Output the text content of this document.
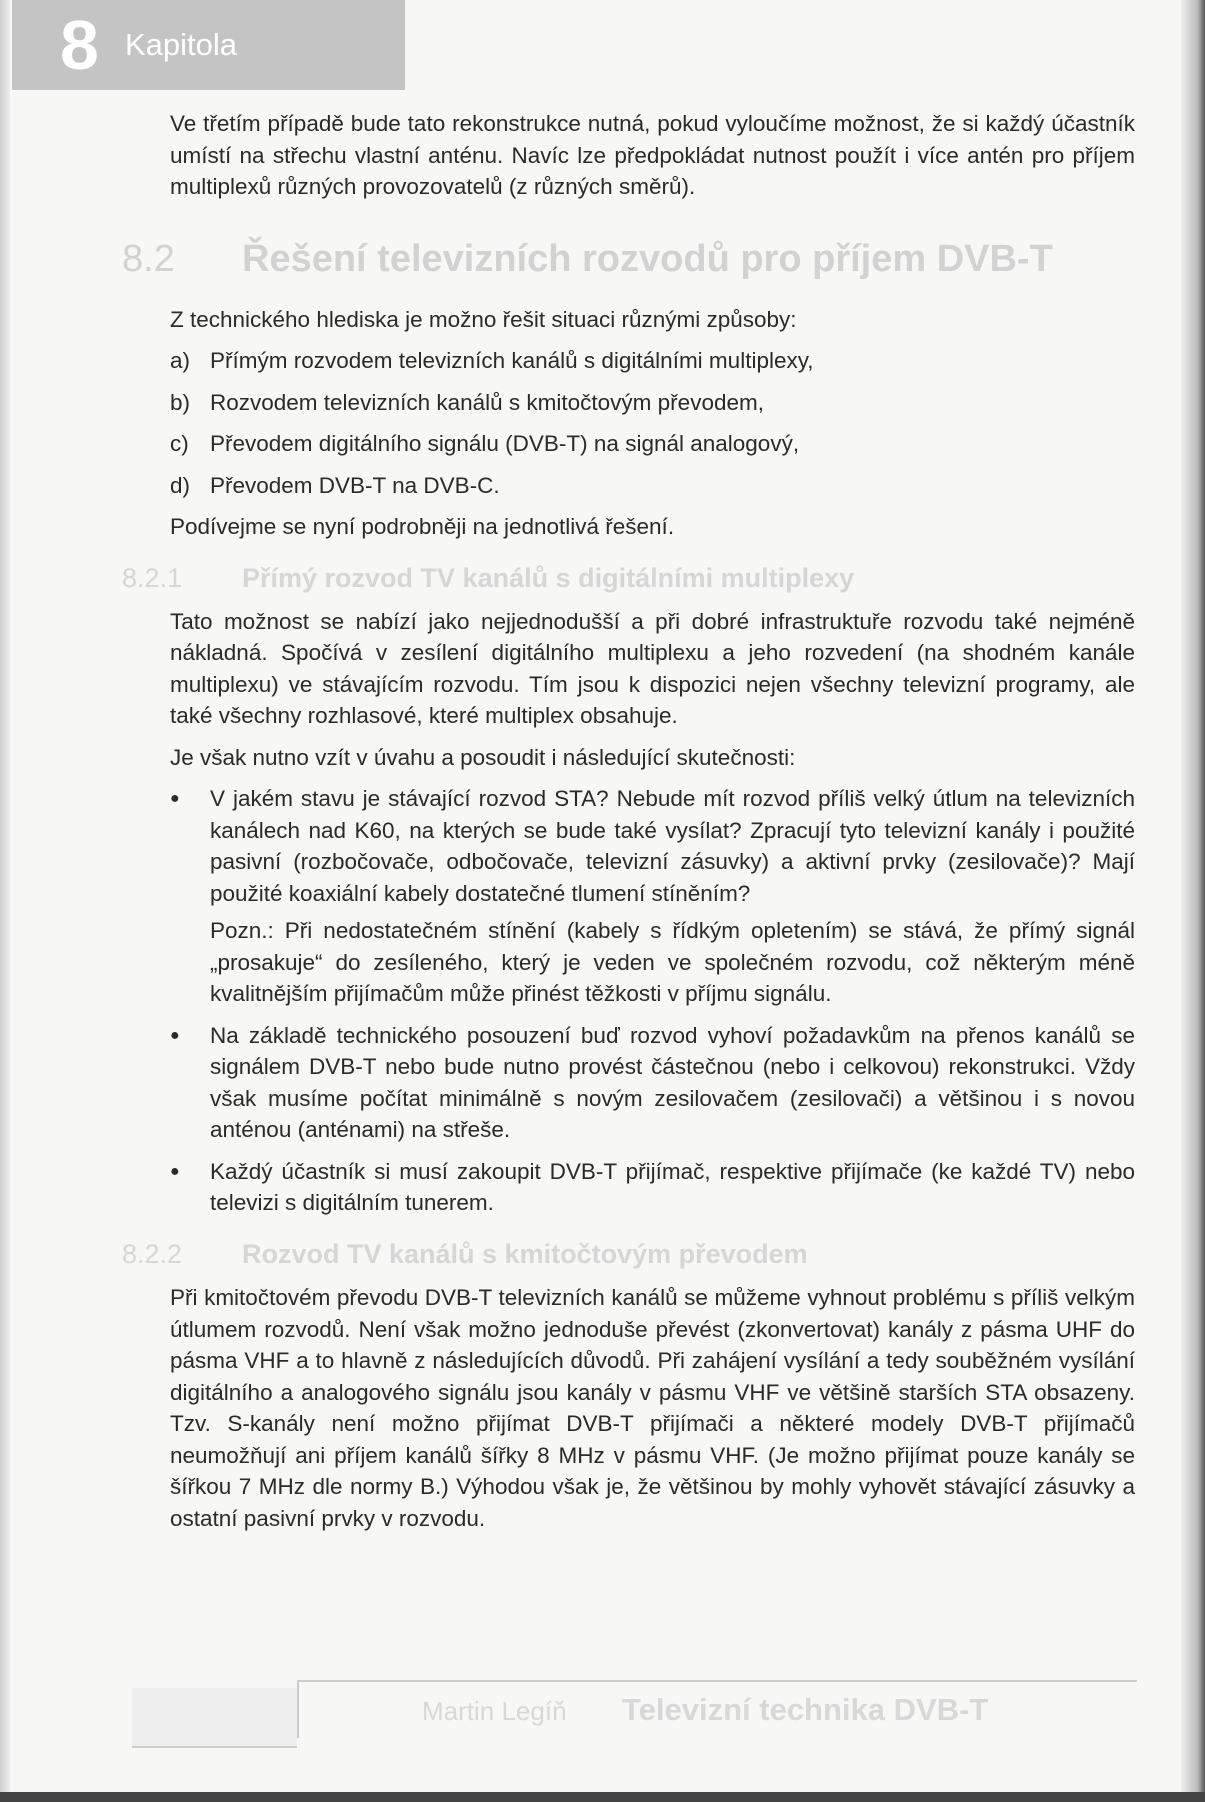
8 Kapitola

Ve třetím případě bude tato rekonstrukce nutná, pokud vyloučíme možnost, že si každý účastník umístí na střechu vlastní anténu. Navíc lze předpokládat nutnost použít i více antén pro příjem multiplexů různých provozovatelů (z různých směrů).

8.2 Řešení televizních rozvodů pro příjem DVB-T

Z technického hlediska je možno řešit situaci různými způsoby:

a) Přímým rozvodem televizních kanálů s digitálními multiplexy,
b) Rozvodem televizních kanálů s kmitočtovým převodem,
c) Převodem digitálního signálu (DVB-T) na signál analogový,
d) Převodem DVB-T na DVB-C.

Podívejme se nyní podrobněji na jednotlivá řešení.

8.2.1 Přímý rozvod TV kanálů s digitálními multiplexy

Tato možnost se nabízí jako nejjednodušší a při dobré infrastruktuře rozvodu také nejméně nákladná. Spočívá v zesílení digitálního multiplexu a jeho rozvedení (na shodném kanále multiplexu) ve stávajícím rozvodu. Tím jsou k dispozici nejen všechny televizní programy, ale také všechny rozhlasové, které multiplex obsahuje.

Je však nutno vzít v úvahu a posoudit i následující skutečnosti:

●	V jakém stavu je stávající rozvod STA? Nebude mít rozvod příliš velký útlum na televizních kanálech nad K60, na kterých se bude také vysílat? Zpracují tyto televizní kanály i použité pasivní (rozbočovače, odbočovače, televizní zásuvky) a aktivní prvky (zesilovače)? Mají použité koaxiální kabely dostatečné tlumení stíněním?
Pozn.: Při nedostatečném stínění (kabely s řídkým opletením) se stává, že přímý signál „prosakuje“ do zesíleného, který je veden ve společném rozvodu, což některým méně kvalitnějším přijímačům může přinést těžkosti v příjmu signálu.
●	Na základě technického posouzení buď rozvod vyhoví požadavkům na přenos kanálů se signálem DVB-T nebo bude nutno provést částečnou (nebo i celkovou) rekonstrukci. Vždy však musíme počítat minimálně s novým zesilovačem (zesilovači) a většinou i s novou anténou (anténami) na střeše.
●	Každý účastník si musí zakoupit DVB-T přijímač, respektive přijímače (ke každé TV) nebo televizi s digitálním tunerem.
8.2.2 Rozvod TV kanálů s kmitočtovým převodem

Při kmitočtovém převodu DVB-T televizních kanálů se můžeme vyhnout problému s příliš velkým útlumem rozvodů. Není však možno jednoduše převést (zkonvertovat) kanály z pásma UHF do pásma VHF a to hlavně z následujících důvodů. Při zahájení vysílání a tedy souběžném vysílání digitálního a analogového signálu jsou kanály v pásmu VHF ve většině starších STA obsazeny. Tzv. S-kanály není možno přijímat DVB-T přijímači a některé modely DVB-T přijímačů neumožňují ani příjem kanálů šířky 8 MHz v pásmu VHF. (Je možno přijímat pouze kanály se šířkou 7 MHz dle normy B.) Výhodou však je, že většinou by mohly vyhovět stávající zásuvky a ostatní pasivní prvky v rozvodu.

Martin Legíň Televizní technika DVB-T
